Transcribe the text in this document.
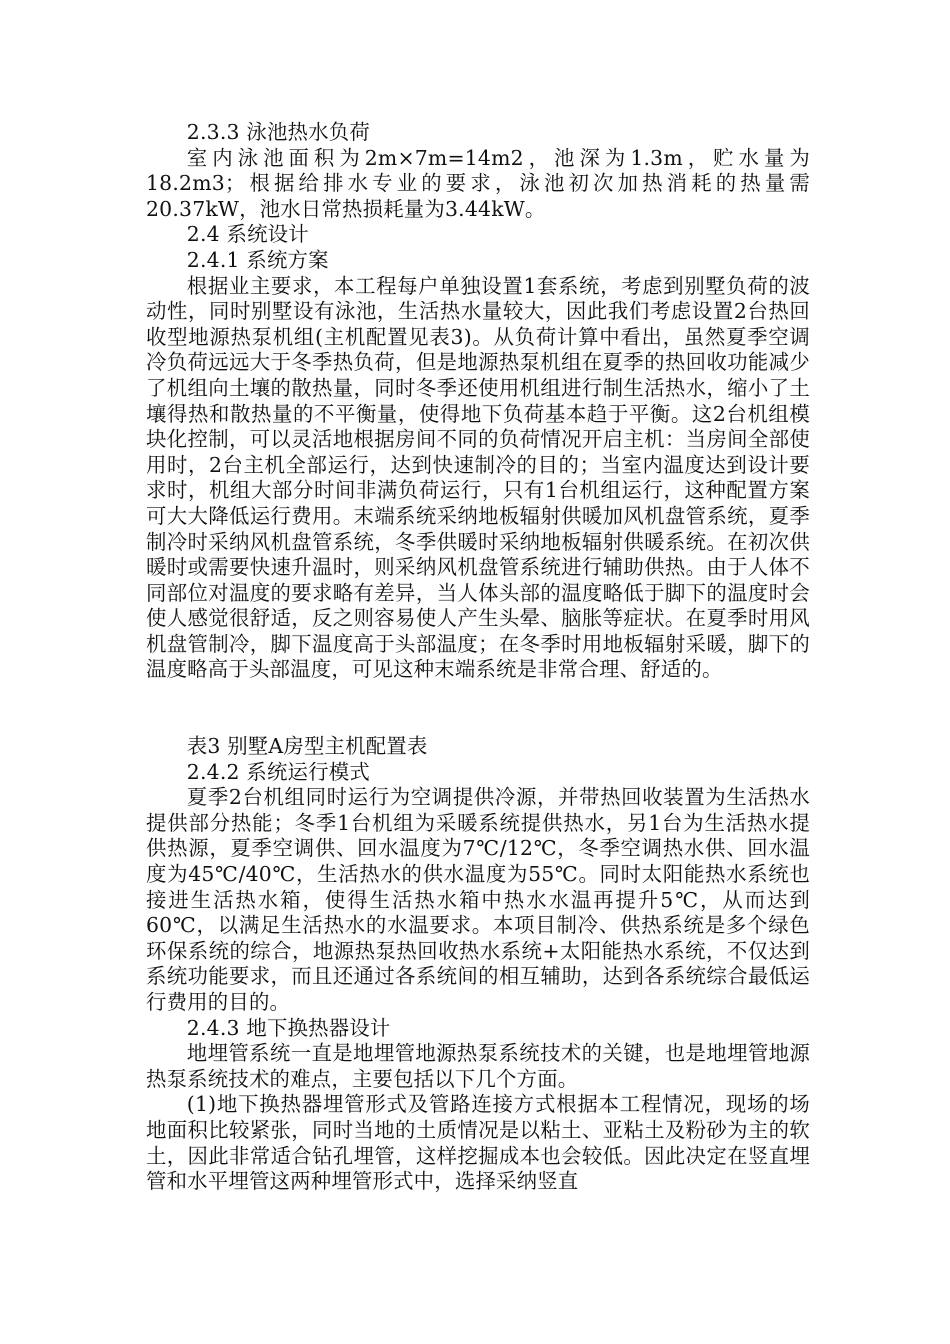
2.3.3 泳池热水负荷

室内泳池面积为2m×7m=14m2，池深为1.3m，贮水量为18.2m3；根据给排水专业的要求，泳池初次加热消耗的热量需20.37kW，池水日常热损耗量为3.44kW。

2.4 系统设计

2.4.1 系统方案

根据业主要求，本工程每户单独设置1套系统，考虑到别墅负荷的波动性，同时别墅设有泳池，生活热水量较大，因此我们考虑设置2台热回收型地源热泵机组(主机配置见表3)。从负荷计算中看出，虽然夏季空调冷负荷远远大于冬季热负荷，但是地源热泵机组在夏季的热回收功能减少了机组向土壤的散热量，同时冬季还使用机组进行制生活热水，缩小了土壤得热和散热量的不平衡量，使得地下负荷基本趋于平衡。这2台机组模块化控制，可以灵活地根据房间不同的负荷情况开启主机：当房间全部使用时，2台主机全部运行，达到快速制冷的目的；当室内温度达到设计要求时，机组大部分时间非满负荷运行，只有1台机组运行，这种配置方案可大大降低运行费用。末端系统采纳地板辐射供暖加风机盘管系统，夏季制冷时采纳风机盘管系统，冬季供暖时采纳地板辐射供暖系统。在初次供暖时或需要快速升温时，则采纳风机盘管系统进行辅助供热。由于人体不同部位对温度的要求略有差异，当人体头部的温度略低于脚下的温度时会使人感觉很舒适，反之则容易使人产生头晕、脑胀等症状。在夏季时用风机盘管制冷，脚下温度高于头部温度；在冬季时用地板辐射采暖，脚下的温度略高于头部温度，可见这种末端系统是非常合理、舒适的。

表3 别墅A房型主机配置表

2.4.2 系统运行模式

夏季2台机组同时运行为空调提供冷源，并带热回收装置为生活热水提供部分热能；冬季1台机组为采暖系统提供热水，另1台为生活热水提供热源，夏季空调供、回水温度为7℃/12℃，冬季空调热水供、回水温度为45℃/40℃，生活热水的供水温度为55℃。同时太阳能热水系统也接进生活热水箱，使得生活热水箱中热水水温再提升5℃，从而达到60℃，以满足生活热水的水温要求。本项目制冷、供热系统是多个绿色环保系统的综合，地源热泵热回收热水系统+太阳能热水系统，不仅达到系统功能要求，而且还通过各系统间的相互辅助，达到各系统综合最低运行费用的目的。

2.4.3 地下换热器设计

地埋管系统一直是地埋管地源热泵系统技术的关键，也是地埋管地源热泵系统技术的难点，主要包括以下几个方面。

(1)地下换热器埋管形式及管路连接方式根据本工程情况，现场的场地面积比较紧张，同时当地的土质情况是以粘土、亚粘土及粉砂为主的软土，因此非常适合钻孔埋管，这样挖掘成本也会较低。因此决定在竖直埋管和水平埋管这两种埋管形式中，选择采纳竖直
